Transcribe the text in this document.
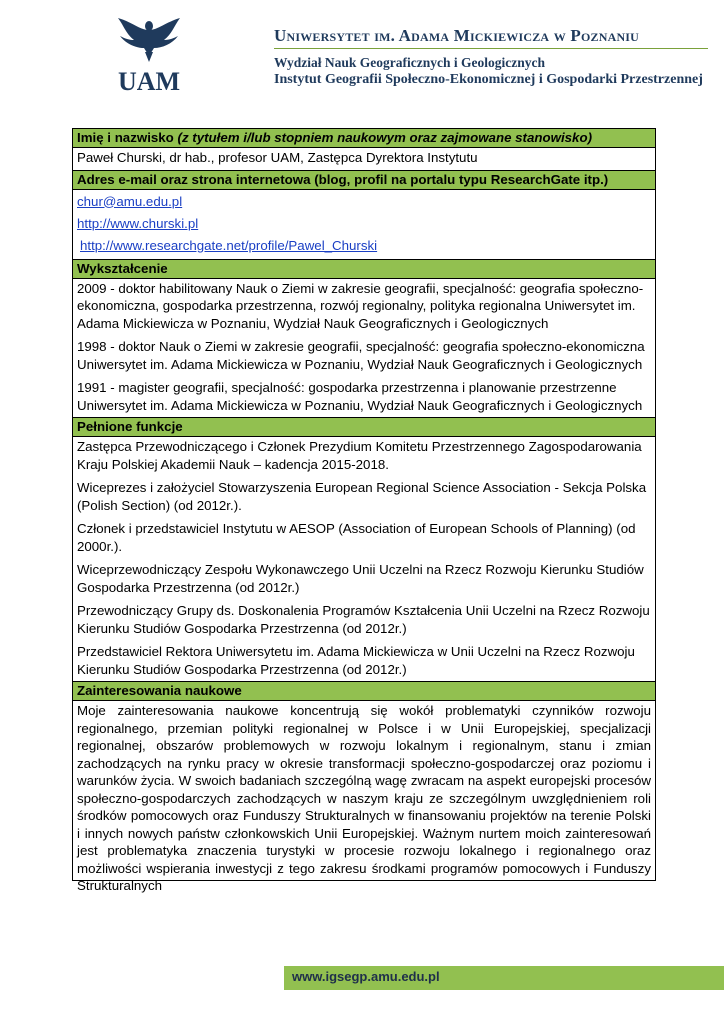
UAM
Uniwersytet im. Adama Mickiewicza w Poznaniu
Wydział Nauk Geograficznych i Geologicznych
Instytut Geografii Społeczno-Ekonomicznej i Gospodarki Przestrzennej
Imię i nazwisko (z tytułem i/lub stopniem naukowym oraz zajmowane stanowisko)

Paweł Churski, dr hab., profesor UAM, Zastępca Dyrektora Instytutu

Adres e-mail oraz strona internetowa (blog, profil na portalu typu ResearchGate itp.)
chur@amu.edu.pl
http://www.churski.pl
http://www.researchgate.net/profile/Pawel_Churski
Wykształcenie

2009 - doktor habilitowany Nauk o Ziemi w zakresie geografii, specjalność: geografia społeczno-ekonomiczna, gospodarka przestrzenna, rozwój regionalny, polityka regionalna Uniwersytet im. Adama Mickiewicza w Poznaniu, Wydział Nauk Geograficznych i Geologicznych

1998 - doktor Nauk o Ziemi w zakresie geografii, specjalność: geografia społeczno-ekonomiczna Uniwersytet im. Adama Mickiewicza w Poznaniu, Wydział Nauk Geograficznych i Geologicznych

1991 - magister geografii, specjalność: gospodarka przestrzenna i planowanie przestrzenne Uniwersytet im. Adama Mickiewicza w Poznaniu, Wydział Nauk Geograficznych i Geologicznych

Pełnione funkcje

Zastępca Przewodniczącego i Członek Prezydium Komitetu Przestrzennego Zagospodarowania Kraju Polskiej Akademii Nauk – kadencja 2015-2018.

Wiceprezes i założyciel Stowarzyszenia European Regional Science Association - Sekcja Polska (Polish Section) (od 2012r.).

Członek i przedstawiciel Instytutu w AESOP (Association of European Schools of Planning) (od 2000r.).

Wiceprzewodniczący Zespołu Wykonawczego Unii Uczelni na Rzecz Rozwoju Kierunku Studiów Gospodarka Przestrzenna (od 2012r.)

Przewodniczący Grupy ds. Doskonalenia Programów Kształcenia Unii Uczelni na Rzecz Rozwoju Kierunku Studiów Gospodarka Przestrzenna (od 2012r.)

Przedstawiciel Rektora Uniwersytetu im. Adama Mickiewicza w Unii Uczelni na Rzecz Rozwoju Kierunku Studiów Gospodarka Przestrzenna (od 2012r.)

Zainteresowania naukowe

Moje zainteresowania naukowe koncentrują się wokół problematyki czynników rozwoju regionalnego, przemian polityki regionalnej w Polsce i w Unii Europejskiej, specjalizacji regionalnej, obszarów problemowych w rozwoju lokalnym i regionalnym, stanu i zmian zachodzących na rynku pracy w okresie transformacji społeczno-gospodarczej oraz poziomu i warunków życia. W swoich badaniach szczególną wagę zwracam na aspekt europejski procesów społeczno-gospodarczych zachodzących w naszym kraju ze szczególnym uwzględnieniem roli środków pomocowych oraz Funduszy Strukturalnych w finansowaniu projektów na terenie Polski i innych nowych państw członkowskich Unii Europejskiej. Ważnym nurtem moich zainteresowań jest problematyka znaczenia turystyki w procesie rozwoju lokalnego i regionalnego oraz możliwości wspierania inwestycji z tego zakresu środkami programów pomocowych i Funduszy Strukturalnych

www.igsegp.amu.edu.pl
